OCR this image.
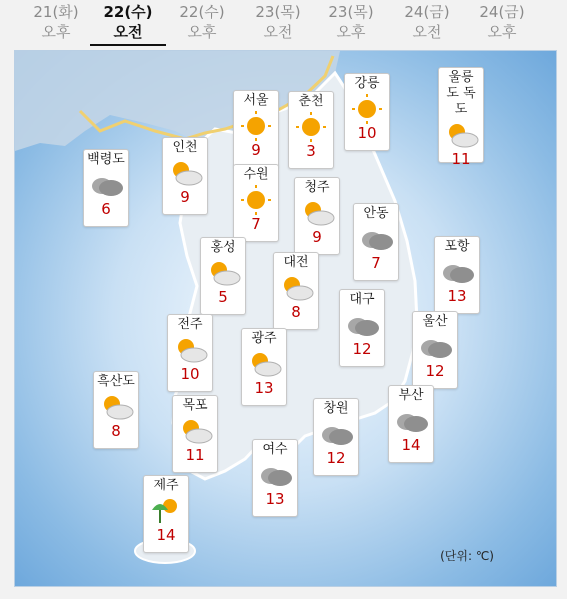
21(화)
오후
22(수)
오전
22(수)
오후
23(목)
오전
23(목)
오후
24(금)
오전
24(금)
오후
서울
9
춘천
3
강릉
10
울릉도 독도
11
백령도
6
인천
9
수원
7
청주
9
안동
7
홍성
5
대전
8
포항
13
대구
12
전주
10
광주
13
울산
12
흑산도
8
목포
11
창원
12
부산
14
여수
13
제주
14
(단위: ℃)
